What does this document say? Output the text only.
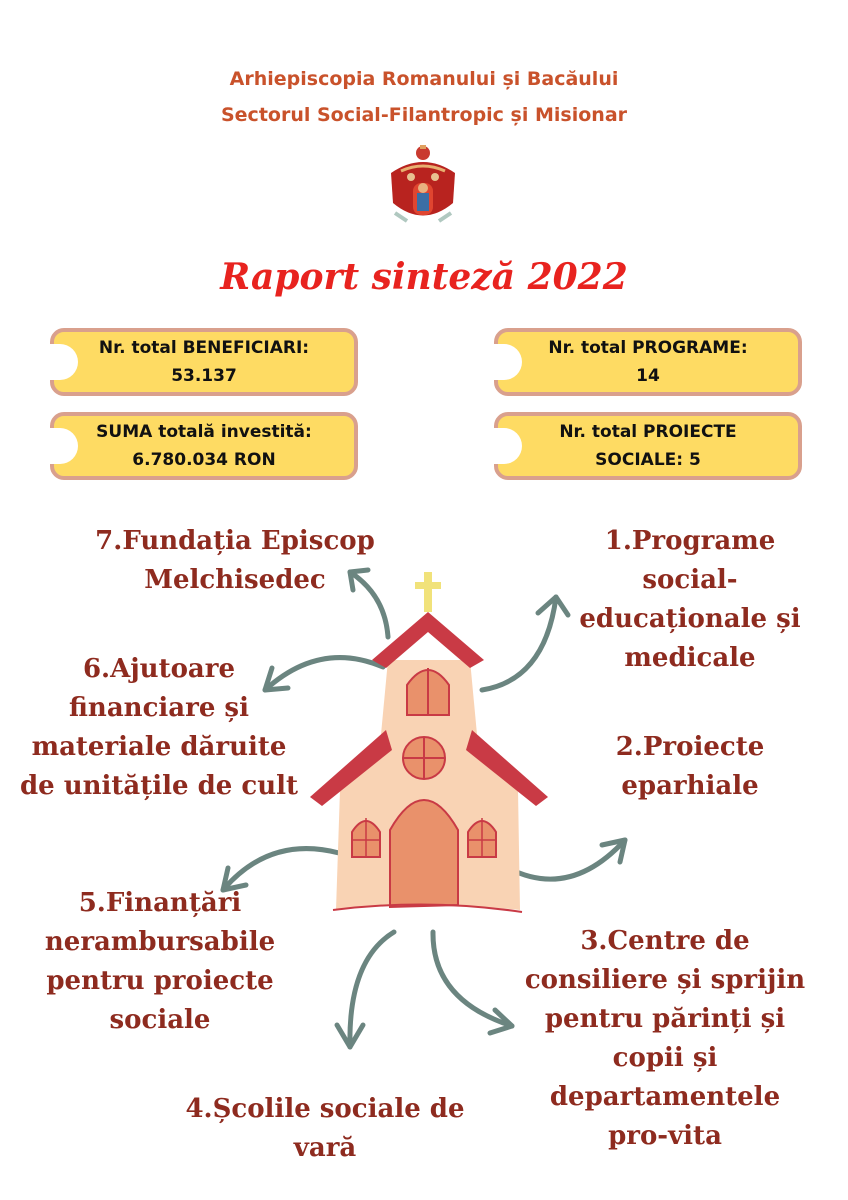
Arhiepiscopia Romanului și Bacăului
Sectorul Social-Filantropic și Misionar
Raport sinteză 2022
Nr. total BENEFICIARI:
53.137
SUMA totală investită:
6.780.034 RON
Nr. total PROGRAME:
14
Nr. total PROIECTE
SOCIALE: 5
7.Fundația Episcop
Melchisedec
6.Ajutoare
financiare și
materiale dăruite
de unitățile de cult
1.Programe
social-
educaționale și
medicale
2.Proiecte
eparhiale
5.Finanțări
nerambursabile
pentru proiecte
sociale
3.Centre de
consiliere și sprijin
pentru părinți și
copii și
departamentele
pro-vita
4.Școlile sociale de
vară
